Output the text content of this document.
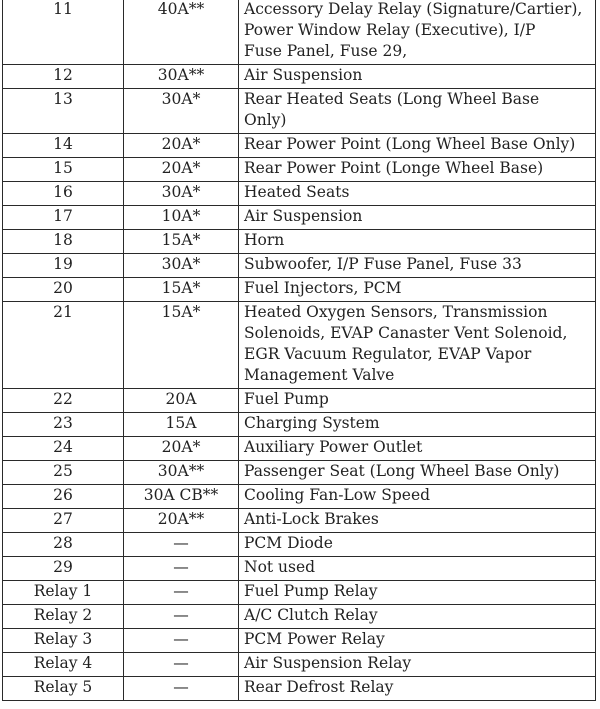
11	40A**	Accessory Delay Relay (Signature/Cartier),
Power Window Relay (Executive), I/P
Fuse Panel, Fuse 29,

12	30A**	Air Suspension

13	30A*	Rear Heated Seats (Long Wheel Base
Only)

14	20A*	Rear Power Point (Long Wheel Base Only)

15	20A*	Rear Power Point (Longe Wheel Base)

16	30A*	Heated Seats

17	10A*	Air Suspension

18	15A*	Horn

19	30A*	Subwoofer, I/P Fuse Panel, Fuse 33

20	15A*	Fuel Injectors, PCM

21	15A*	Heated Oxygen Sensors, Transmission
Solenoids, EVAP Canaster Vent Solenoid,
EGR Vacuum Regulator, EVAP Vapor
Management Valve

22	20A	Fuel Pump

23	15A	Charging System

24	20A*	Auxiliary Power Outlet

25	30A**	Passenger Seat (Long Wheel Base Only)

26	30A CB**	Cooling Fan-Low Speed

27	20A**	Anti-Lock Brakes

28	—	PCM Diode

29	—	Not used

Relay 1	—	Fuel Pump Relay

Relay 2	—	A/C Clutch Relay

Relay 3	—	PCM Power Relay

Relay 4	—	Air Suspension Relay

Relay 5	—	Rear Defrost Relay
